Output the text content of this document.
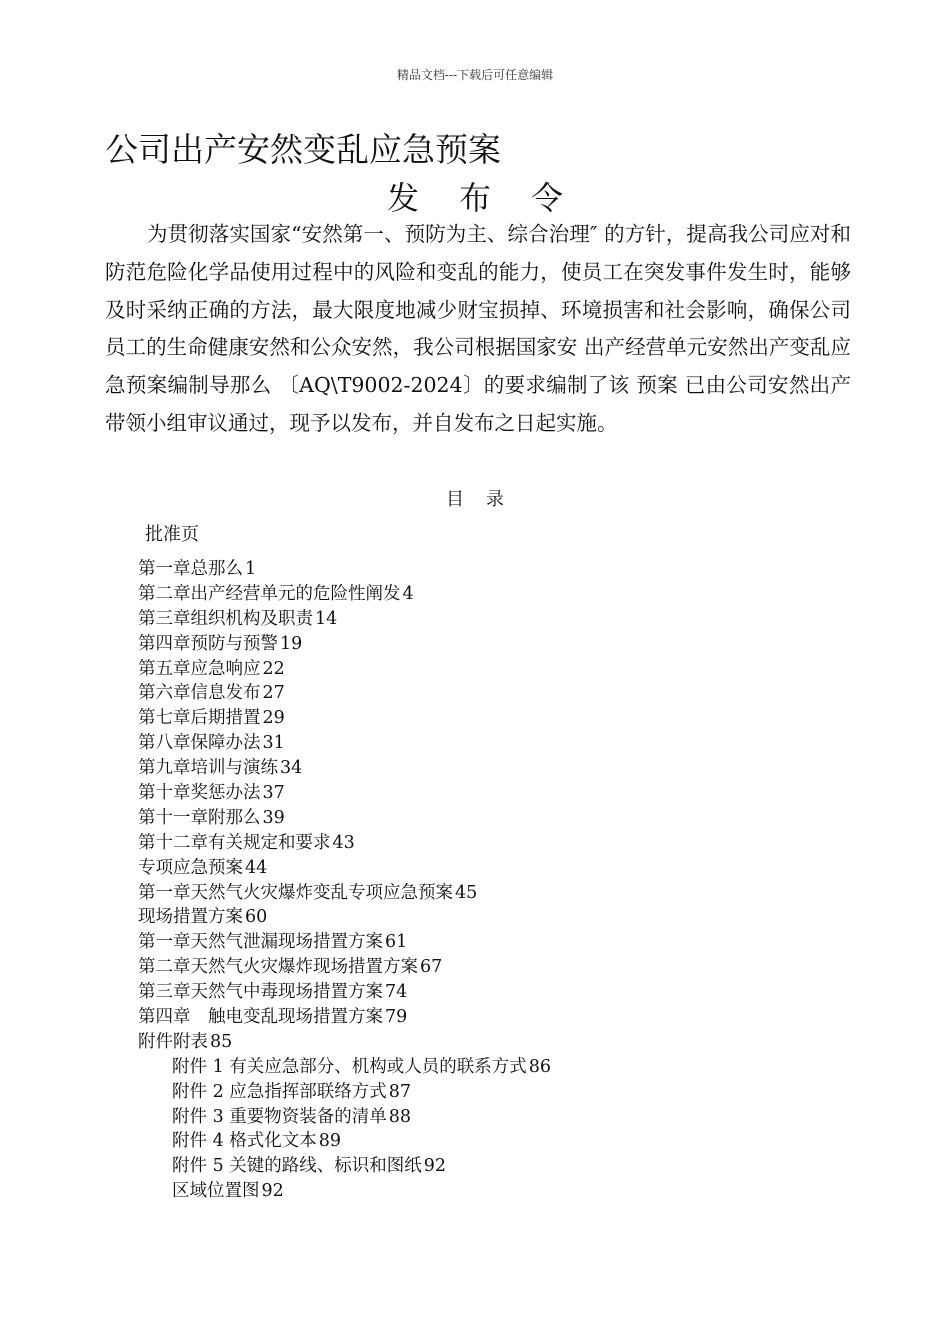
精品文档---下载后可任意编辑
公司出产安然变乱应急预案
发布令

为贯彻落实国家“安然第一、预防为主、综合治理″ 的方针，提高我公司应对和防范危险化学品使用过程中的风险和变乱的能力，使员工在突发事件发生时，能够及时采纳正确的方法，最大限度地减少财宝损掉、环境损害和社会影响，确保公司员工的生命健康安然和公众安然，我公司根据国家安 出产经营单元安然出产变乱应急预案编制导那么 〔AQ\T9002-2024〕的要求编制了该 预案 已由公司安然出产带领小组审议通过，现予以发布，并自发布之日起实施。

目录
批准页
第一章总那么 1
第二章出产经营单元的危险性阐发 4
第三章组织机构及职责 14
第四章预防与预警 19
第五章应急响应 22
第六章信息发布 27
第七章后期措置 29
第八章保障办法 31
第九章培训与演练 34
第十章奖惩办法 37
第十一章附那么 39
第十二章有关规定和要求 43
专项应急预案 44
第一章天然气火灾爆炸变乱专项应急预案 45
现场措置方案 60
第一章天然气泄漏现场措置方案 61
第二章天然气火灾爆炸现场措置方案 67
第三章天然气中毒现场措置方案 74
第四章　触电变乱现场措置方案 79
附件附表 85
附件 1 有关应急部分、机构或人员的联系方式 86
附件 2 应急指挥部联络方式 87
附件 3 重要物资装备的清单 88
附件 4 格式化文本 89
附件 5 关键的路线、标识和图纸 92
区域位置图 92
